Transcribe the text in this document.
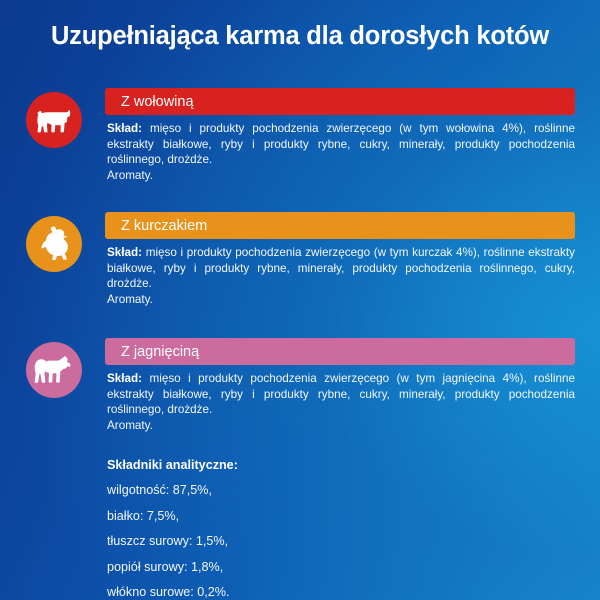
Uzupełniająca karma dla dorosłych kotów
Z wołowiną
Skład: mięso i produkty pochodzenia zwierzęcego (w tym wołowina 4%), roślinne ekstrakty białkowe, ryby i produkty rybne, cukry, minerały, produkty pochodzenia roślinnego, drożdże.
Aromaty.
Z kurczakiem
Skład: mięso i produkty pochodzenia zwierzęcego (w tym kurczak 4%), roślinne ekstrakty białkowe, ryby i produkty rybne, minerały, produkty pochodzenia roślinnego, cukry, drożdże.
Aromaty.
Z jagnięciną
Skład: mięso i produkty pochodzenia zwierzęcego (w tym jagnięcina 4%), roślinne ekstrakty białkowe, ryby i produkty rybne, cukry, minerały, produkty pochodzenia roślinnego, drożdże.
Aromaty.
Składniki analityczne:
wilgotność: 87,5%,
białko: 7,5%,
tłuszcz surowy: 1,5%,
popiół surowy: 1,8%,
włókno surowe: 0,2%.
